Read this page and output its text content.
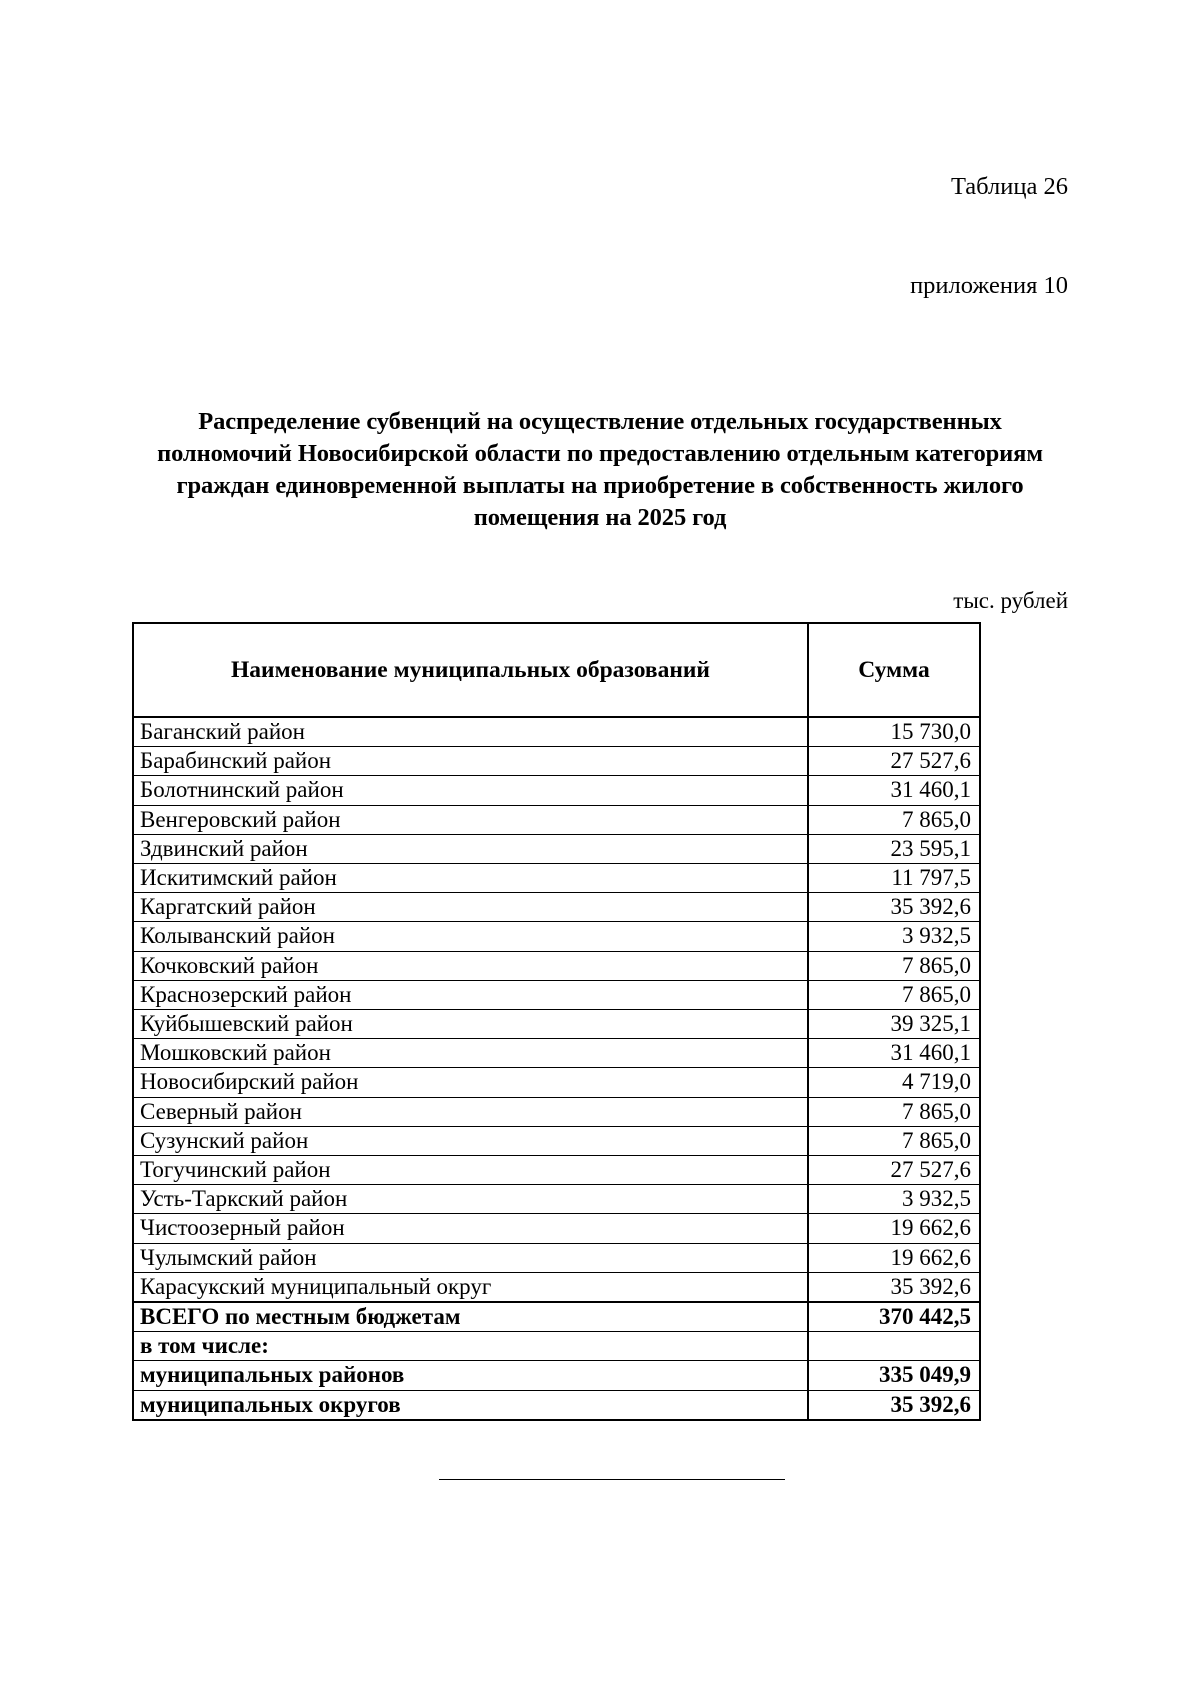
Таблица 26

приложения 10

Распределение субвенций на осуществление отдельных государственных
полномочий Новосибирской области по предоставлению отдельным категориям
граждан единовременной выплаты на приобретение в собственность жилого
помещения на 2025 год
тыс. рублей
Наименование муниципальных образований	Сумма
Баганский район	15 730,0
Барабинский район	27 527,6
Болотнинский район	31 460,1
Венгеровский район	7 865,0
Здвинский район	23 595,1
Искитимский район	11 797,5
Каргатский район	35 392,6
Колыванский район	3 932,5
Кочковский район	7 865,0
Краснозерский район	7 865,0
Куйбышевский район	39 325,1
Мошковский район	31 460,1
Новосибирский район	4 719,0
Северный район	7 865,0
Сузунский район	7 865,0
Тогучинский район	27 527,6
Усть-Таркский район	3 932,5
Чистоозерный район	19 662,6
Чулымский район	19 662,6
Карасукский муниципальный округ	35 392,6
ВСЕГО по местным бюджетам	370 442,5
в том числе:	
муниципальных районов	335 049,9
муниципальных округов	35 392,6
